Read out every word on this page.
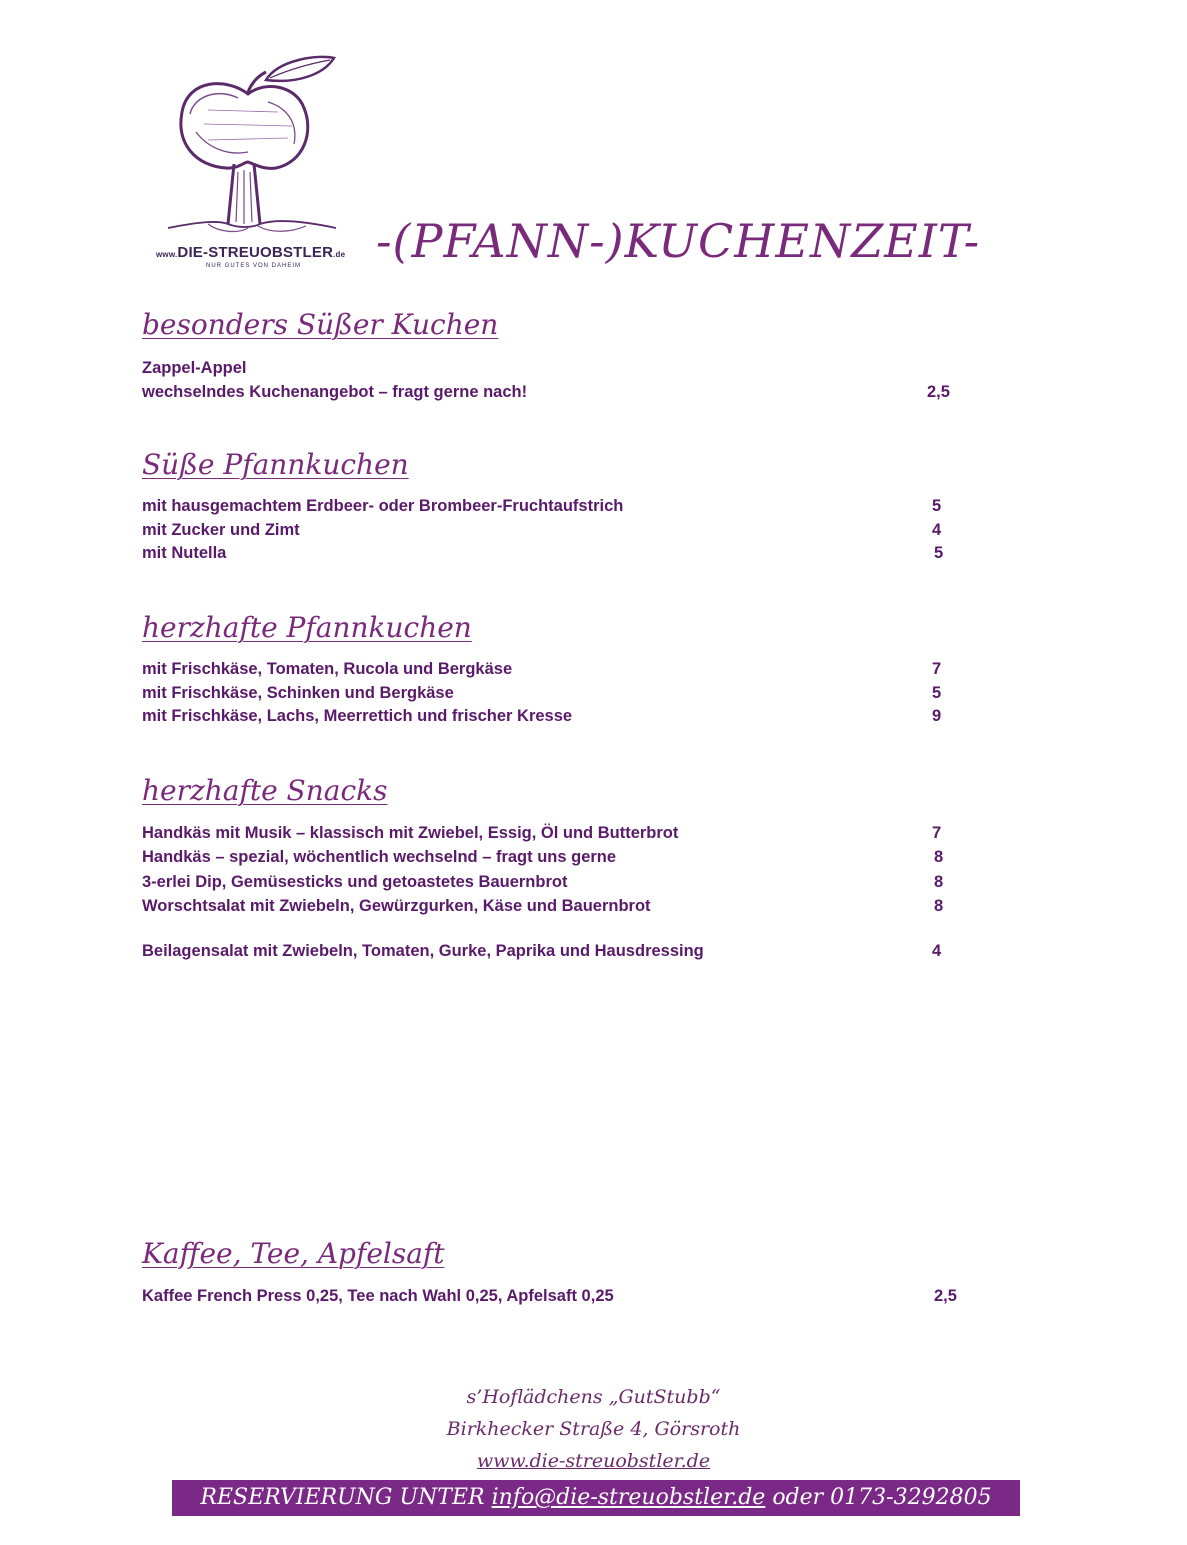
www.DIE-STREUOBSTLER.de
NUR GUTES VON DAHEIM -(PFANN-)KUCHENZEIT-
besonders Süßer Kuchen
Zappel-Appel
wechselndes Kuchenangebot – fragt gerne nach!	2,5
Süße Pfannkuchen
mit hausgemachtem Erdbeer- oder Brombeer-Fruchtaufstrich	5
mit Zucker und Zimt	4
mit Nutella	5
herzhafte Pfannkuchen
mit Frischkäse, Tomaten, Rucola und Bergkäse	7
mit Frischkäse, Schinken und Bergkäse	5
mit Frischkäse, Lachs, Meerrettich und frischer Kresse	9
herzhafte Snacks
Handkäs mit Musik – klassisch mit Zwiebel, Essig, Öl und Butterbrot	7
Handkäs – spezial, wöchentlich wechselnd – fragt uns gerne	8
3-erlei Dip, Gemüsesticks und getoastetes Bauernbrot	8
Worschtsalat mit Zwiebeln, Gewürzgurken, Käse und Bauernbrot	8
Beilagensalat mit Zwiebeln, Tomaten, Gurke, Paprika und Hausdressing	4
Kaffee, Tee, Apfelsaft
Kaffee French Press 0,25, Tee nach Wahl 0,25, Apfelsaft 0,25	2,5
s’Hoflädchens „GutStubb“
Birkhecker Straße 4, Görsroth
www.die-streuobstler.de
RESERVIERUNG UNTER info@die-streuobstler.de oder 0173-3292805
